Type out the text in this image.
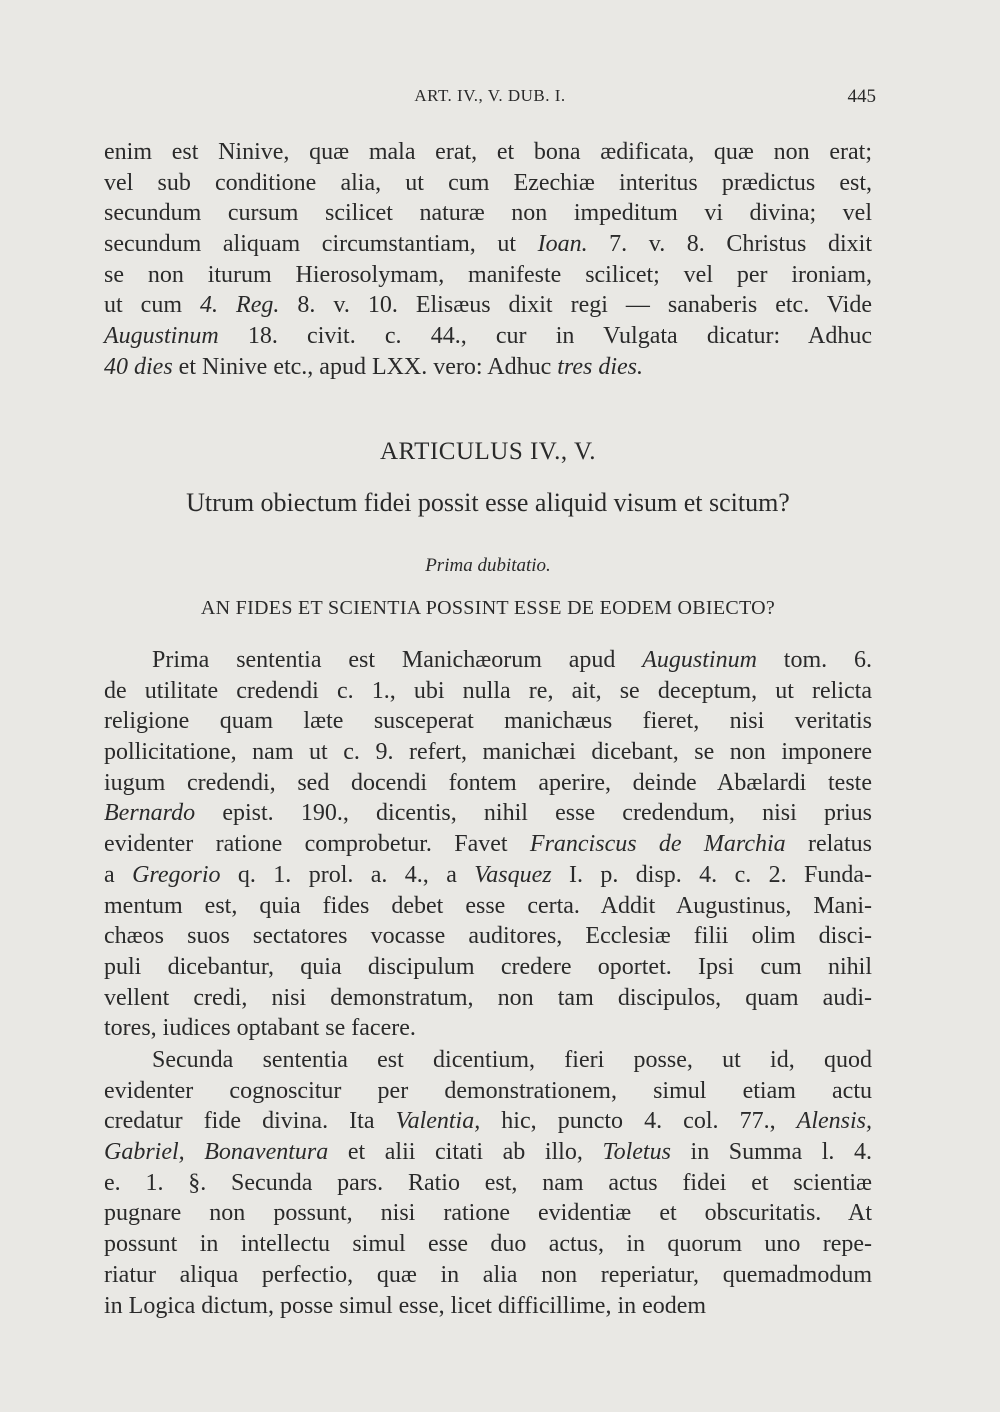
ART. IV., V. DUB. I.	445
enim est Ninive, quæ mala erat, et bona ædificata, quæ non erat;
vel sub conditione alia, ut cum Ezechiæ interitus prædictus est,
secundum cursum scilicet naturæ non impeditum vi divina; vel
secundum aliquam circumstantiam, ut Ioan. 7. v. 8. Christus dixit
se non iturum Hierosolymam, manifeste scilicet; vel per ironiam,
ut cum 4. Reg. 8. v. 10. Elisæus dixit regi — sanaberis etc. Vide
Augustinum 18. civit. c. 44., cur in Vulgata dicatur: Adhuc
40 dies et Ninive etc., apud LXX. vero: Adhuc tres dies.
ARTICULUS IV., V.
Utrum obiectum fidei possit esse aliquid visum et scitum?
Prima dubitatio.
AN FIDES ET SCIENTIA POSSINT ESSE DE EODEM OBIECTO?
Prima sententia est Manichæorum apud Augustinum tom. 6.
de utilitate credendi c. 1., ubi nulla re, ait, se deceptum, ut relicta
religione quam læte susceperat manichæus fieret, nisi veritatis
pollicitatione, nam ut c. 9. refert, manichæi dicebant, se non imponere
iugum credendi, sed docendi fontem aperire, deinde Abælardi teste
Bernardo epist. 190., dicentis, nihil esse credendum, nisi prius
evidenter ratione comprobetur. Favet Franciscus de Marchia relatus
a Gregorio q. 1. prol. a. 4., a Vasquez I. p. disp. 4. c. 2. Funda-
mentum est, quia fides debet esse certa. Addit Augustinus, Mani-
chæos suos sectatores vocasse auditores, Ecclesiæ filii olim disci-
puli dicebantur, quia discipulum credere oportet. Ipsi cum nihil
vellent credi, nisi demonstratum, non tam discipulos, quam audi-
tores, iudices optabant se facere.
Secunda sententia est dicentium, fieri posse, ut id, quod
evidenter cognoscitur per demonstrationem, simul etiam actu
credatur fide divina. Ita Valentia, hic, puncto 4. col. 77., Alensis,
Gabriel, Bonaventura et alii citati ab illo, Toletus in Summa l. 4.
e. 1. §. Secunda pars. Ratio est, nam actus fidei et scientiæ
pugnare non possunt, nisi ratione evidentiæ et obscuritatis. At
possunt in intellectu simul esse duo actus, in quorum uno repe-
riatur aliqua perfectio, quæ in alia non reperiatur, quemadmodum
in Logica dictum, posse simul esse, licet difficillime, in eodem
